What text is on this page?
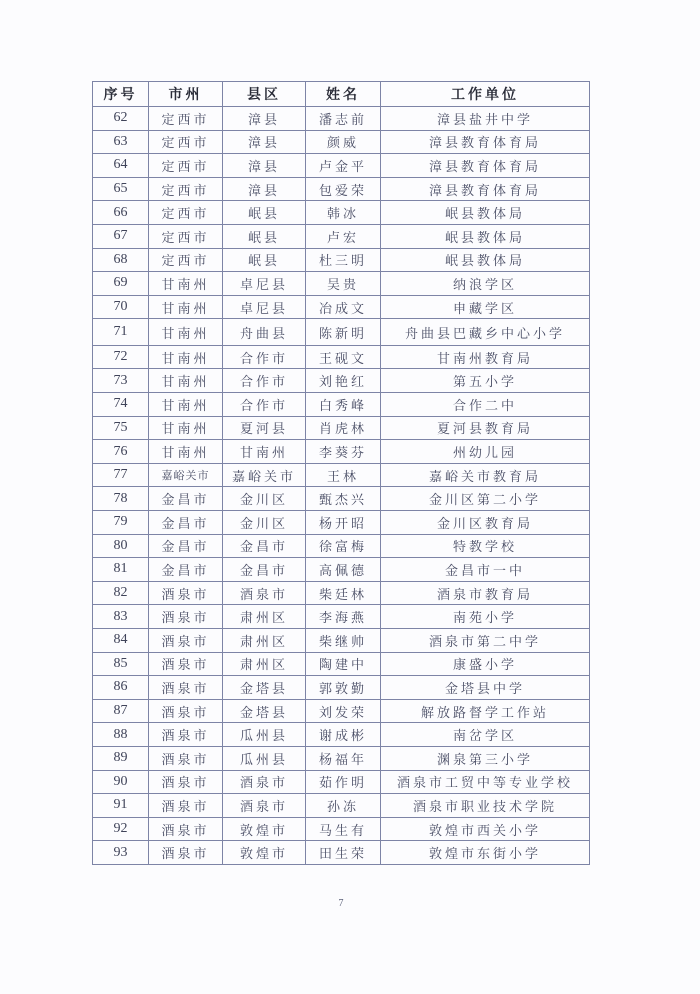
序号	市州	县区	姓名	工作单位
62	定西市	漳县	潘志前	漳县盐井中学
63	定西市	漳县	颜威	漳县教育体育局
64	定西市	漳县	卢金平	漳县教育体育局
65	定西市	漳县	包爱荣	漳县教育体育局
66	定西市	岷县	韩冰	岷县教体局
67	定西市	岷县	卢宏	岷县教体局
68	定西市	岷县	杜三明	岷县教体局
69	甘南州	卓尼县	吴贵	纳浪学区
70	甘南州	卓尼县	冶成文	申藏学区
71	甘南州	舟曲县	陈新明	舟曲县巴藏乡中心小学
72	甘南州	合作市	王砚文	甘南州教育局
73	甘南州	合作市	刘艳红	第五小学
74	甘南州	合作市	白秀峰	合作二中
75	甘南州	夏河县	肖虎林	夏河县教育局
76	甘南州	甘南州	李葵芬	州幼儿园
77	嘉峪关市	嘉峪关市	王林	嘉峪关市教育局
78	金昌市	金川区	甄杰兴	金川区第二小学
79	金昌市	金川区	杨开昭	金川区教育局
80	金昌市	金昌市	徐富梅	特教学校
81	金昌市	金昌市	高佩德	金昌市一中
82	酒泉市	酒泉市	柴廷林	酒泉市教育局
83	酒泉市	肃州区	李海燕	南苑小学
84	酒泉市	肃州区	柴继帅	酒泉市第二中学
85	酒泉市	肃州区	陶建中	康盛小学
86	酒泉市	金塔县	郭敦勤	金塔县中学
87	酒泉市	金塔县	刘发荣	解放路督学工作站
88	酒泉市	瓜州县	谢成彬	南岔学区
89	酒泉市	瓜州县	杨福年	渊泉第三小学
90	酒泉市	酒泉市	茹作明	酒泉市工贸中等专业学校
91	酒泉市	酒泉市	孙冻	酒泉市职业技术学院
92	酒泉市	敦煌市	马生有	敦煌市西关小学
93	酒泉市	敦煌市	田生荣	敦煌市东街小学
7
